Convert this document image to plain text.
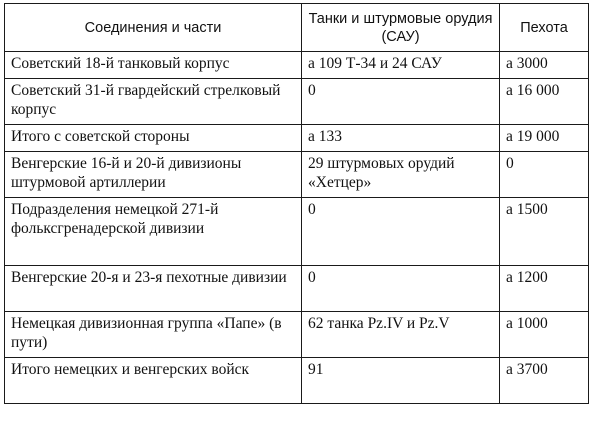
Соединения и части	Танки и штурмовые орудия (САУ)	Пехота
Советский 18-й танковый корпус	а 109 Т-34 и 24 САУ	а 3000
Советский 31-й гвардейский стрелковый корпус	0	а 16 000
Итого с советской стороны	а 133	а 19 000
Венгерские 16-й и 20-й дивизионы штурмовой артиллерии	29 штурмовых орудий «Хетцер»	0
Подразделения немецкой 271-й фольксгренадерской дивизии	0	а 1500
Венгерские 20-я и 23-я пехотные дивизии	0	а 1200
Немецкая дивизионная группа «Папе» (в пути)	62 танка Pz.IV и Pz.V	а 1000
Итого немецких и венгерских войск	91	а 3700
